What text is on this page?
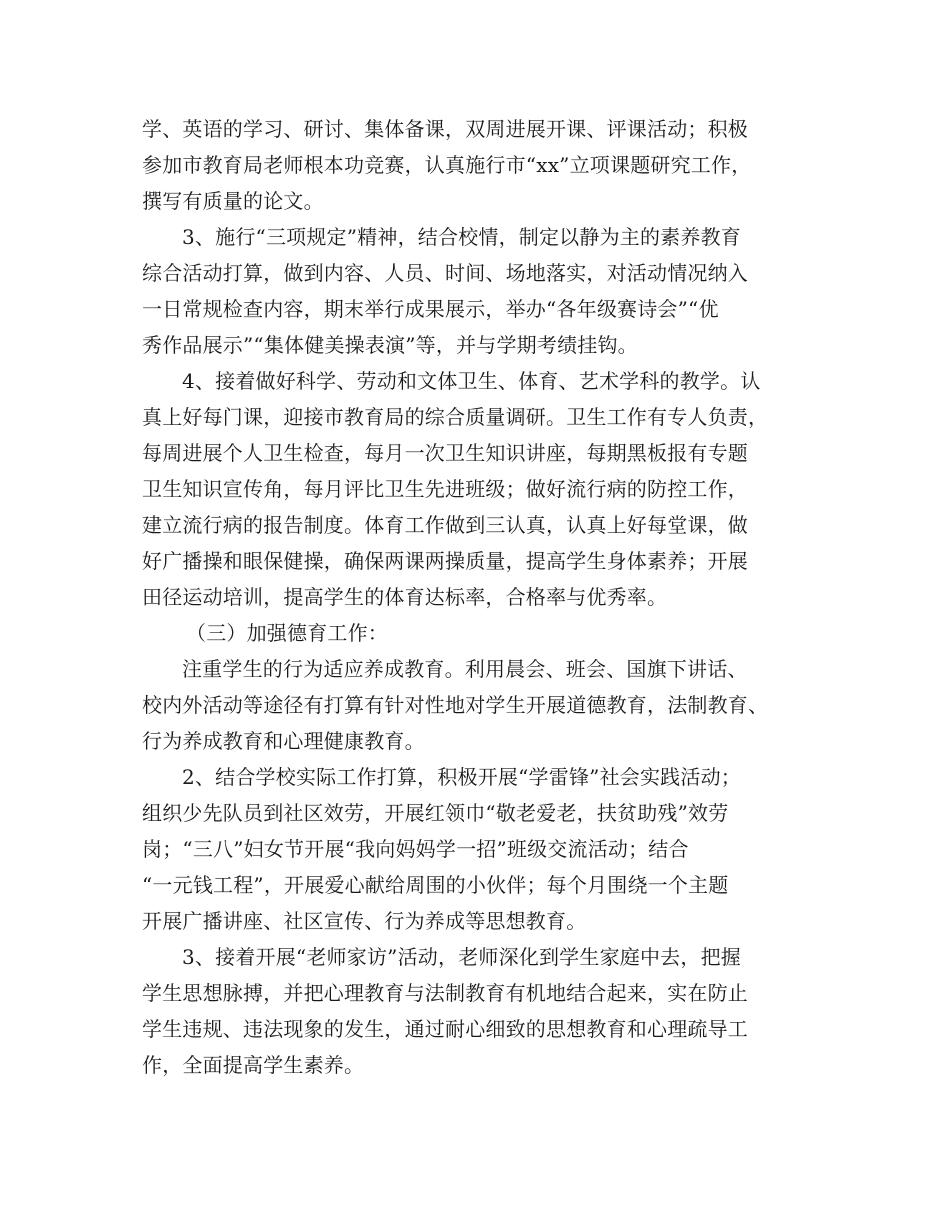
学、英语的学习、研讨、集体备课，双周进展开课、评课活动；积极
参加市教育局老师根本功竞赛，认真施行市“xx”立项课题研究工作，
撰写有质量的论文。
3、施行“三项规定”精神，结合校情，制定以静为主的素养教育
综合活动打算，做到内容、人员、时间、场地落实，对活动情况纳入
一日常规检查内容，期末举行成果展示，举办“各年级赛诗会”“优
秀作品展示”“集体健美操表演”等，并与学期考绩挂钩。
4、接着做好科学、劳动和文体卫生、体育、艺术学科的教学。认
真上好每门课，迎接市教育局的综合质量调研。卫生工作有专人负责，
每周进展个人卫生检查，每月一次卫生知识讲座，每期黑板报有专题
卫生知识宣传角，每月评比卫生先进班级；做好流行病的防控工作，
建立流行病的报告制度。体育工作做到三认真，认真上好每堂课，做
好广播操和眼保健操，确保两课两操质量，提高学生身体素养；开展
田径运动培训，提高学生的体育达标率，合格率与优秀率。
（三）加强德育工作：
注重学生的行为适应养成教育。利用晨会、班会、国旗下讲话、
校内外活动等途径有打算有针对性地对学生开展道德教育，法制教育、
行为养成教育和心理健康教育。
2、结合学校实际工作打算，积极开展“学雷锋”社会实践活动；
组织少先队员到社区效劳，开展红领巾“敬老爱老，扶贫助残”效劳
岗；“三八”妇女节开展“我向妈妈学一招”班级交流活动；结合
“一元钱工程”，开展爱心献给周围的小伙伴；每个月围绕一个主题
开展广播讲座、社区宣传、行为养成等思想教育。
3、接着开展“老师家访”活动，老师深化到学生家庭中去，把握
学生思想脉搏，并把心理教育与法制教育有机地结合起来，实在防止
学生违规、违法现象的发生，通过耐心细致的思想教育和心理疏导工
作，全面提高学生素养。
